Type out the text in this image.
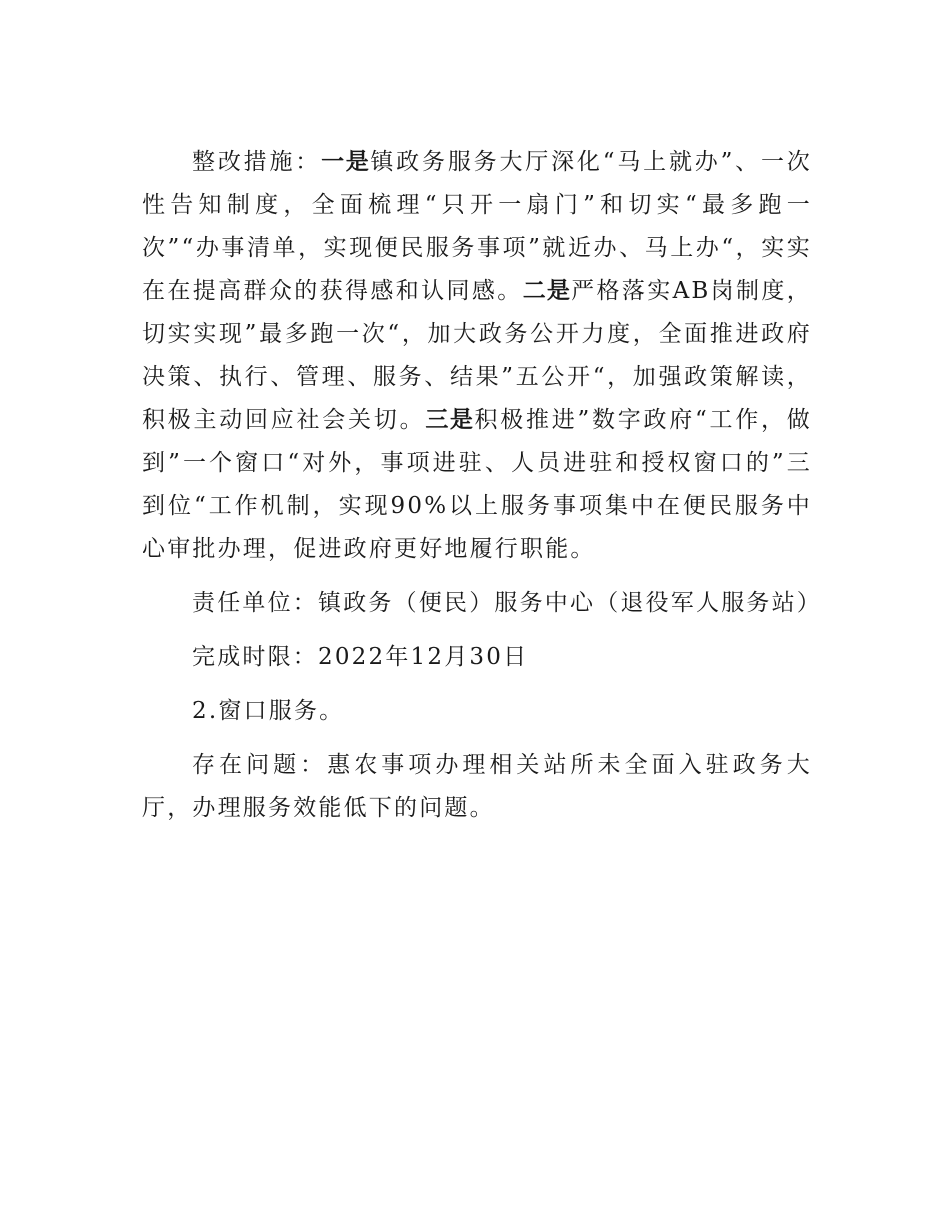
整改措施：一是镇政务服务大厅深化“马上就办”、一次性告知制度，全面梳理“只开一扇门”和切实“最多跑一次”“办事清单，实现便民服务事项”就近办、马上办“，实实在在提高群众的获得感和认同感。二是严格落实AB岗制度，切实实现”最多跑一次“，加大政务公开力度，全面推进政府决策、执行、管理、服务、结果”五公开“，加强政策解读，积极主动回应社会关切。三是积极推进”数字政府“工作，做到”一个窗口“对外，事项进驻、人员进驻和授权窗口的”三到位“工作机制，实现90%以上服务事项集中在便民服务中心审批办理，促进政府更好地履行职能。

责任单位：镇政务（便民）服务中心（退役军人服务站）

完成时限：2022年12月30日

2.窗口服务。

存在问题：惠农事项办理相关站所未全面入驻政务大厅，办理服务效能低下的问题。
